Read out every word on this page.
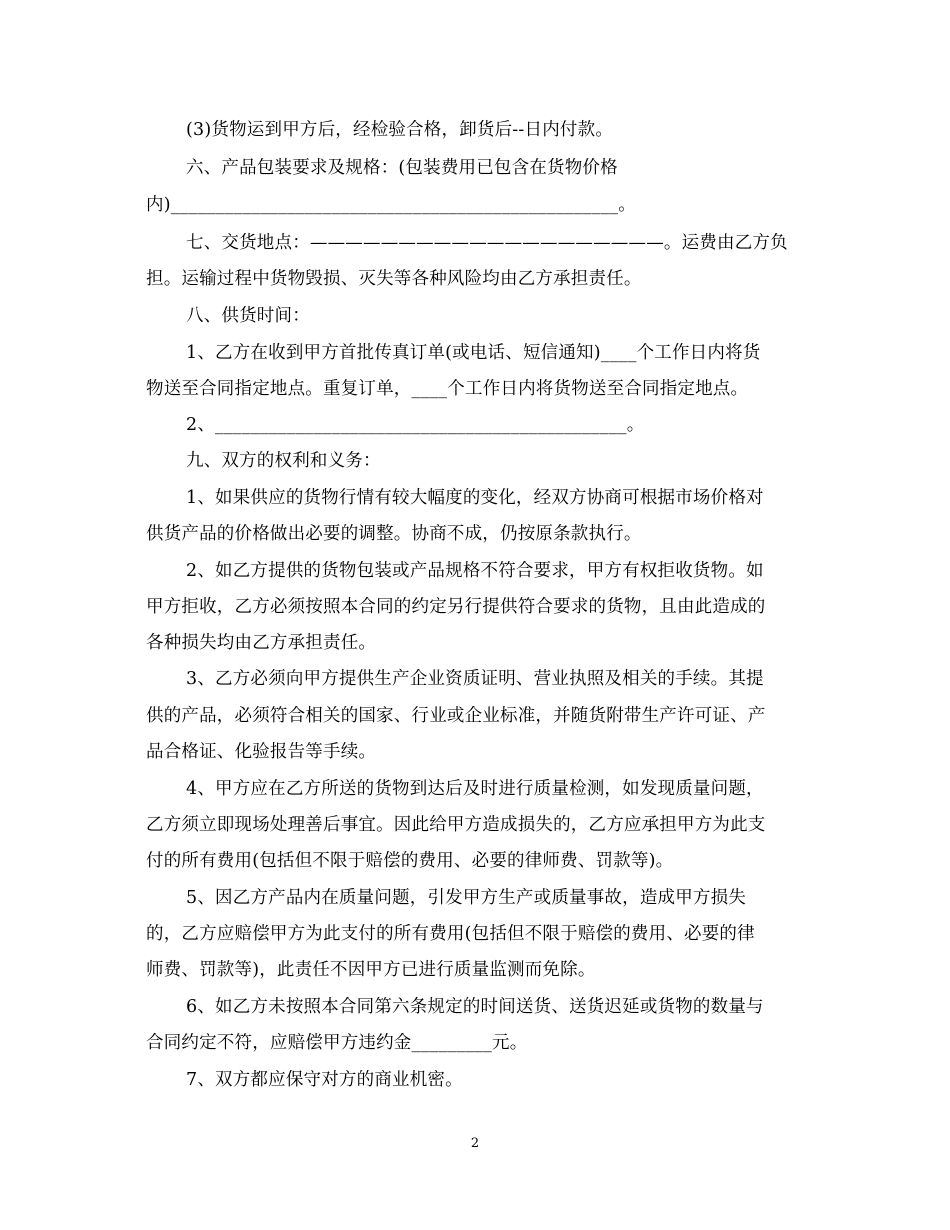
(3)货物运到甲方后，经检验合格，卸货后--日内付款。
六、产品包装要求及规格：(包装费用已包含在货物价格
内)__________________________________________________。
七、交货地点：————————————————————。运费由乙方负
担。运输过程中货物毁损、灭失等各种风险均由乙方承担责任。
八、供货时间：
1、乙方在收到甲方首批传真订单(或电话、短信通知)____个工作日内将货
物送至合同指定地点。重复订单，____个工作日内将货物送至合同指定地点。
2、______________________________________________。
九、双方的权利和义务：
1、如果供应的货物行情有较大幅度的变化，经双方协商可根据市场价格对
供货产品的价格做出必要的调整。协商不成，仍按原条款执行。
2、如乙方提供的货物包装或产品规格不符合要求，甲方有权拒收货物。如
甲方拒收，乙方必须按照本合同的约定另行提供符合要求的货物，且由此造成的
各种损失均由乙方承担责任。
3、乙方必须向甲方提供生产企业资质证明、营业执照及相关的手续。其提
供的产品，必须符合相关的国家、行业或企业标准，并随货附带生产许可证、产
品合格证、化验报告等手续。
4、甲方应在乙方所送的货物到达后及时进行质量检测，如发现质量问题，
乙方须立即现场处理善后事宜。因此给甲方造成损失的，乙方应承担甲方为此支
付的所有费用(包括但不限于赔偿的费用、必要的律师费、罚款等)。
5、因乙方产品内在质量问题，引发甲方生产或质量事故，造成甲方损失
的，乙方应赔偿甲方为此支付的所有费用(包括但不限于赔偿的费用、必要的律
师费、罚款等)，此责任不因甲方已进行质量监测而免除。
6、如乙方未按照本合同第六条规定的时间送货、送货迟延或货物的数量与
合同约定不符，应赔偿甲方违约金_________元。
7、双方都应保守对方的商业机密。
2
